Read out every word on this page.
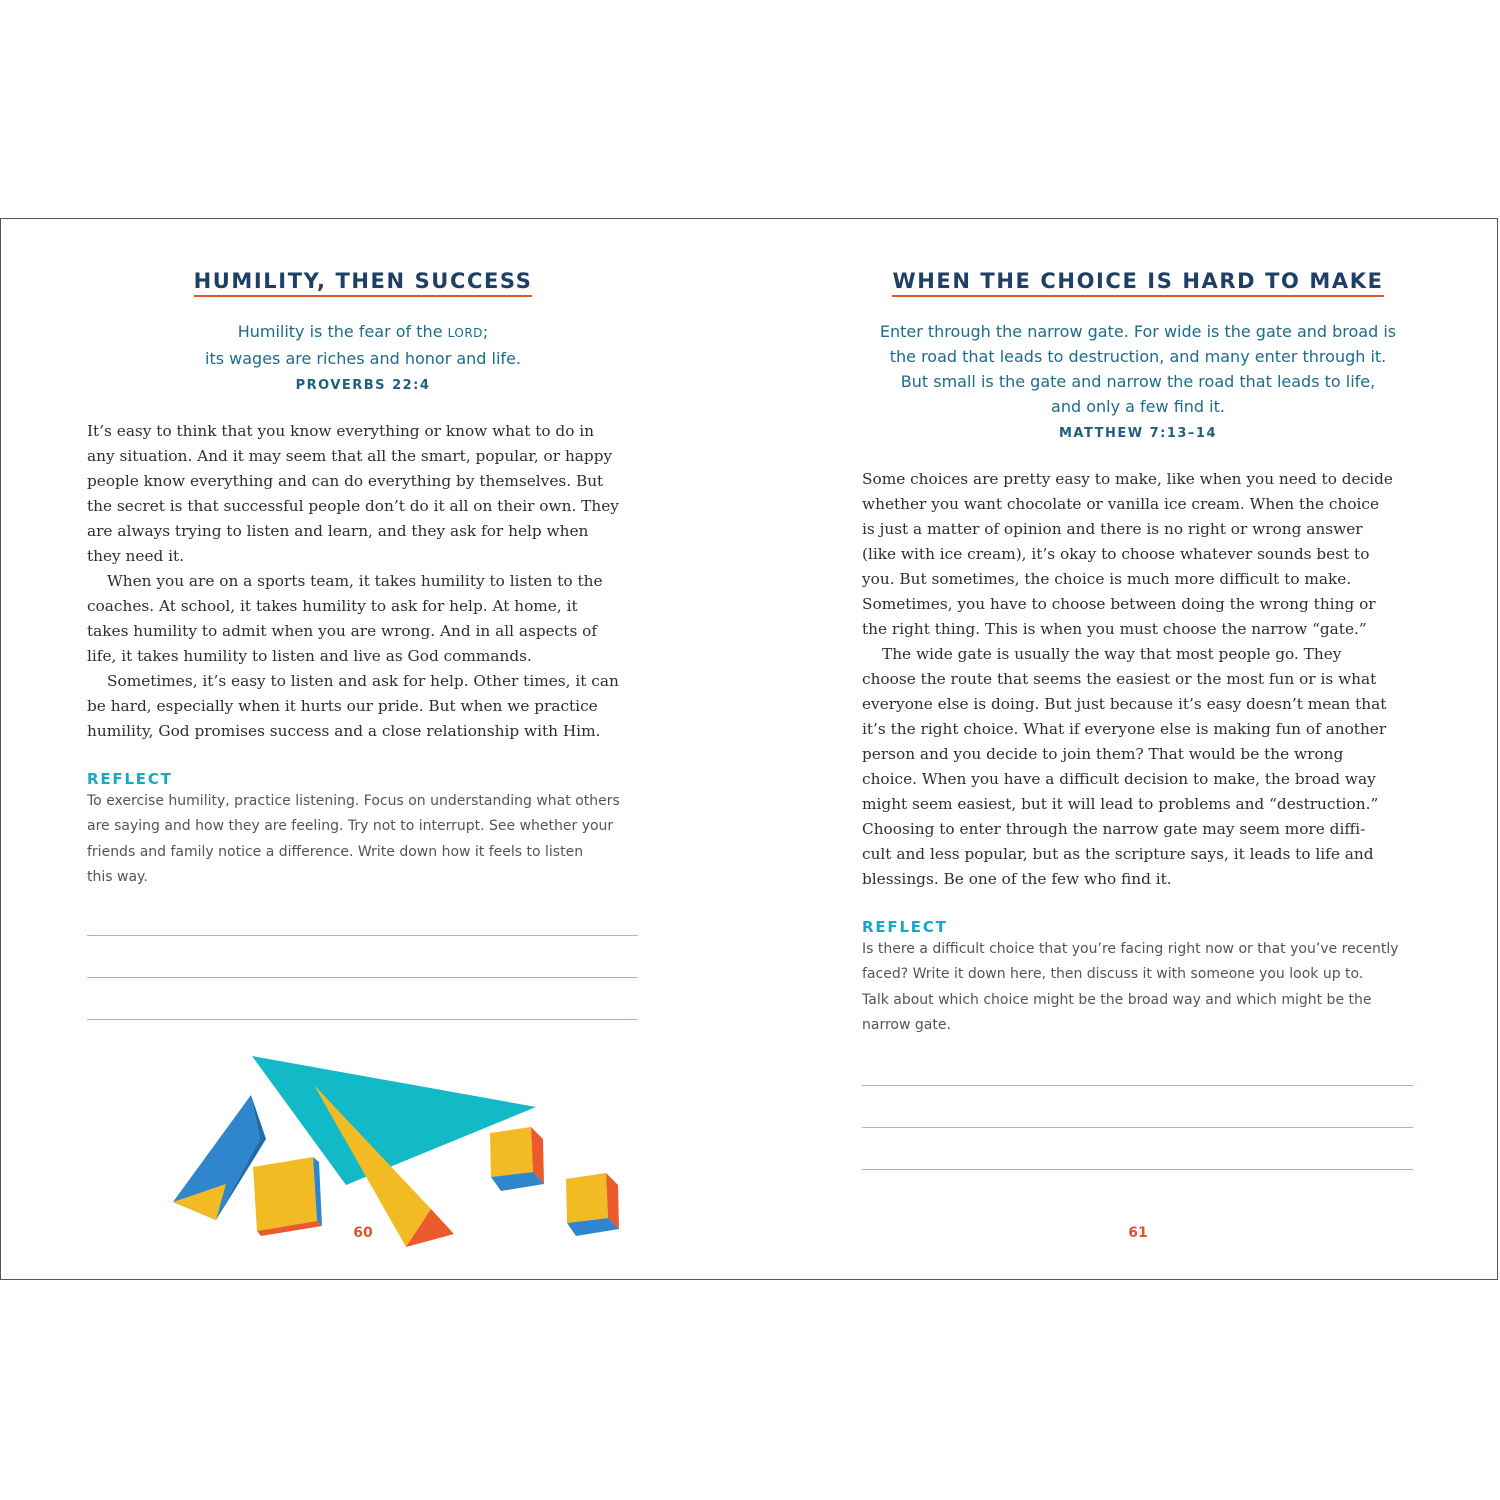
HUMILITY, THEN SUCCESS
Humility is the fear of the LORD;
its wages are riches and honor and life.
PROVERBS 22:4
It’s easy to think that you know everything or know what to do in
any situation. And it may seem that all the smart, popular, or happy
people know everything and can do everything by themselves. But
the secret is that successful people don’t do it all on their own. They
are always trying to listen and learn, and they ask for help when
they need it.
When you are on a sports team, it takes humility to listen to the
coaches. At school, it takes humility to ask for help. At home, it
takes humility to admit when you are wrong. And in all aspects of
life, it takes humility to listen and live as God commands.
Sometimes, it’s easy to listen and ask for help. Other times, it can
be hard, especially when it hurts our pride. But when we practice
humility, God promises success and a close relationship with Him.
REFLECT
To exercise humility, practice listening. Focus on understanding what others
are saying and how they are feeling. Try not to interrupt. See whether your
friends and family notice a difference. Write down how it feels to listen
this way.
60
WHEN THE CHOICE IS HARD TO MAKE
Enter through the narrow gate. For wide is the gate and broad is
the road that leads to destruction, and many enter through it.
But small is the gate and narrow the road that leads to life,
and only a few find it.
MATTHEW 7:13–14
Some choices are pretty easy to make, like when you need to decide
whether you want chocolate or vanilla ice cream. When the choice
is just a matter of opinion and there is no right or wrong answer
(like with ice cream), it’s okay to choose whatever sounds best to
you. But sometimes, the choice is much more difficult to make.
Sometimes, you have to choose between doing the wrong thing or
the right thing. This is when you must choose the narrow “gate.”
The wide gate is usually the way that most people go. They
choose the route that seems the easiest or the most fun or is what
everyone else is doing. But just because it’s easy doesn’t mean that
it’s the right choice. What if everyone else is making fun of another
person and you decide to join them? That would be the wrong
choice. When you have a difficult decision to make, the broad way
might seem easiest, but it will lead to problems and “destruction.”
Choosing to enter through the narrow gate may seem more diffi-
cult and less popular, but as the scripture says, it leads to life and
blessings. Be one of the few who find it.
REFLECT
Is there a difficult choice that you’re facing right now or that you’ve recently
faced? Write it down here, then discuss it with someone you look up to.
Talk about which choice might be the broad way and which might be the
narrow gate.
61
